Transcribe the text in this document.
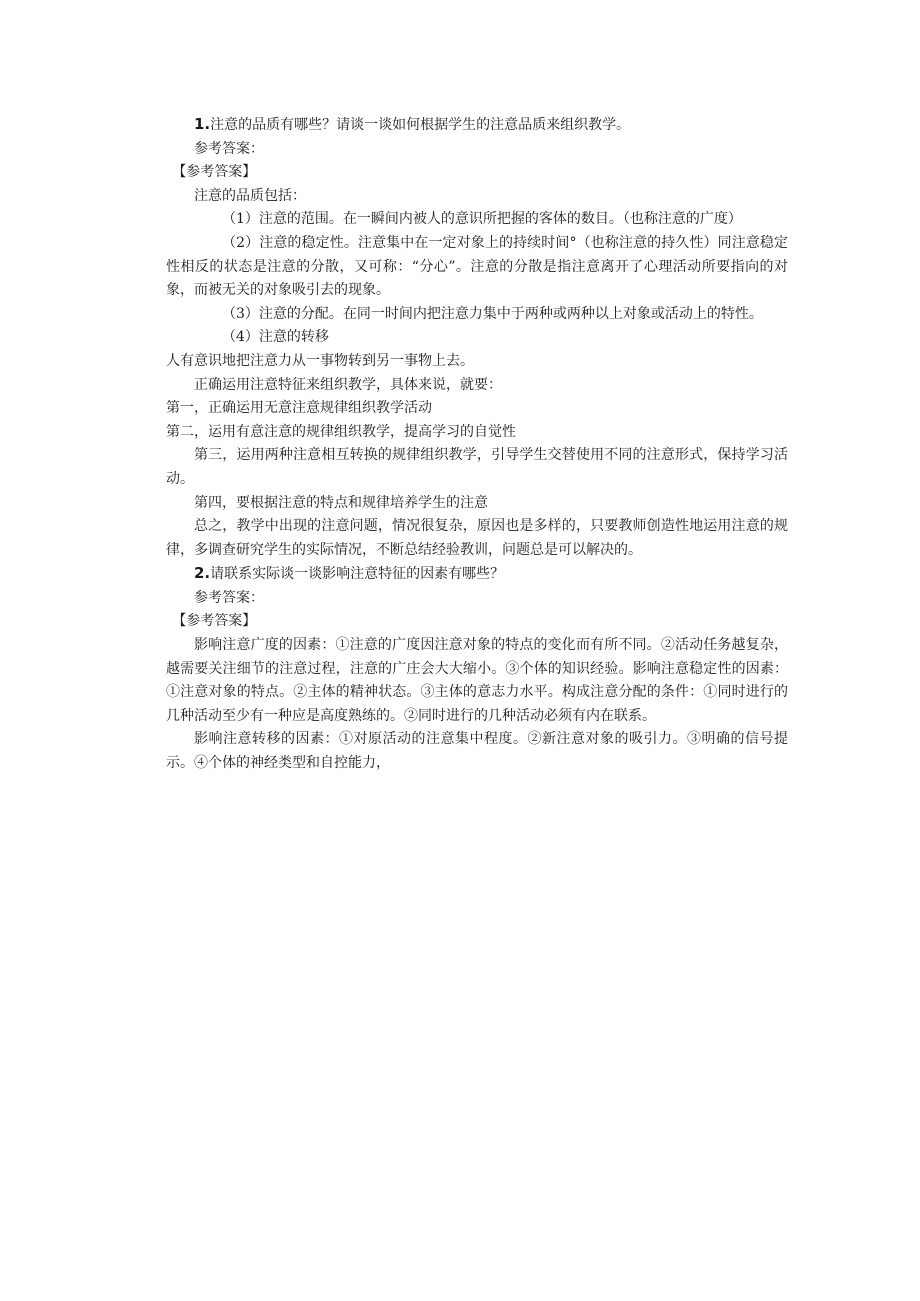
1.注意的品质有哪些？请谈一谈如何根据学生的注意品质来组织教学。

参考答案：

【参考答案】

注意的品质包括：

（1）注意的范围。在一瞬间内被人的意识所把握的客体的数目。（也称注意的广度）

（2）注意的稳定性。注意集中在一定对象上的持续时间°（也称注意的持久性）同注意稳定性相反的状态是注意的分散，又可称：“分心”。注意的分散是指注意离开了心理活动所要指向的对象，而被无关的对象吸引去的现象。

（3）注意的分配。在同一时间内把注意力集中于两种或两种以上对象或活动上的特性。

（4）注意的转移

人有意识地把注意力从一事物转到另一事物上去。

正确运用注意特征来组织教学，具体来说，就要：

第一，正确运用无意注意规律组织教学活动

第二，运用有意注意的规律组织教学，提高学习的自觉性

第三，运用两种注意相互转换的规律组织教学，引导学生交替使用不同的注意形式，保持学习活动。

第四，要根据注意的特点和规律培养学生的注意

总之，教学中出现的注意问题，情况很复杂，原因也是多样的，只要教师创造性地运用注意的规律，多调查研究学生的实际情况，不断总结经验教训，问题总是可以解决的。

2.请联系实际谈一谈影响注意特征的因素有哪些？

参考答案：

【参考答案】

影响注意广度的因素：①注意的广度因注意对象的特点的变化而有所不同。②活动任务越复杂，越需要关注细节的注意过程，注意的广庄会大大缩小。③个体的知识经验。影响注意稳定性的因素：①注意对象的特点。②主体的精神状态。③主体的意志力水平。构成注意分配的条件：①同时进行的几种活动至少有一种应是高度熟练的。②同时进行的几种活动必须有内在联系。

影响注意转移的因素：①对原活动的注意集中程度。②新注意对象的吸引力。③明确的信号提示。④个体的神经类型和自控能力，
